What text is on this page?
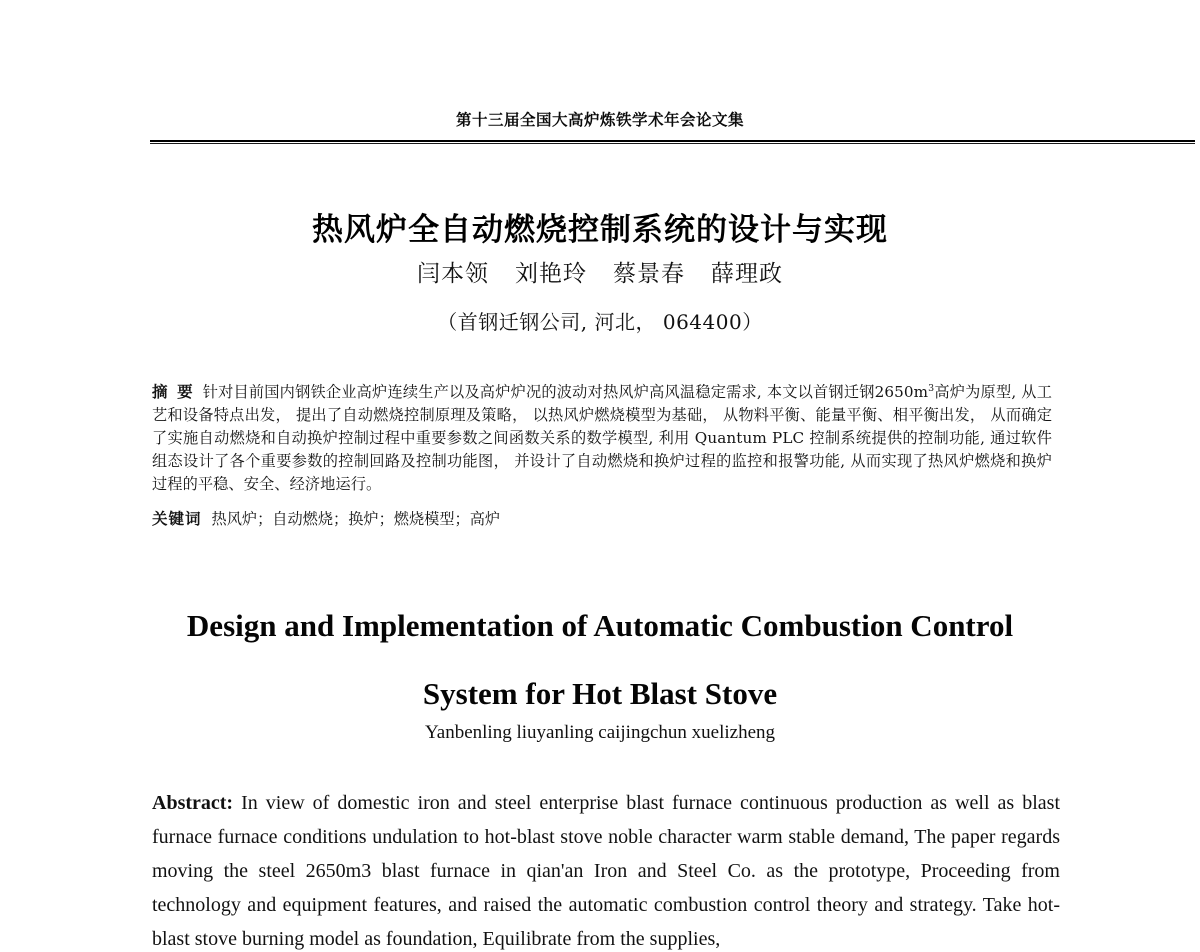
第十三届全国大高炉炼铁学术年会论文集
热风炉全自动燃烧控制系统的设计与实现
闫本领 刘艳玲 蔡景春 薛理政
（首钢迁钢公司, 河北， 064400）
摘 要 针对目前国内钢铁企业高炉连续生产以及高炉炉况的波动对热风炉高风温稳定需求, 本文以首钢迁钢$2650m^3$高炉为原型, 从工艺和设备特点出发， 提出了自动燃烧控制原理及策略， 以热风炉燃烧模型为基础， 从物料平衡、能量平衡、相平衡出发， 从而确定了实施自动燃烧和自动换炉控制过程中重要参数之间函数关系的数学模型, 利用 Quantum PLC 控制系统提供的控制功能, 通过软件组态设计了各个重要参数的控制回路及控制功能图， 并设计了自动燃烧和换炉过程的监控和报警功能, 从而实现了热风炉燃烧和换炉过程的平稳、安全、经济地运行。
关键词 热风炉；自动燃烧；换炉；燃烧模型；高炉
Design and Implementation of Automatic Combustion Control
System for Hot Blast Stove
Yanbenling liuyanling caijingchun xuelizheng

Abstract: In view of domestic iron and steel enterprise blast furnace continuous production as well as blast furnace furnace conditions undulation to hot-blast stove noble character warm stable demand, The paper regards moving the steel 2650m3 blast furnace in qian'an Iron and Steel Co. as the prototype, Proceeding from technology and equipment features, and raised the automatic combustion control theory and strategy. Take hot-blast stove burning model as foundation, Equilibrate from the supplies,
